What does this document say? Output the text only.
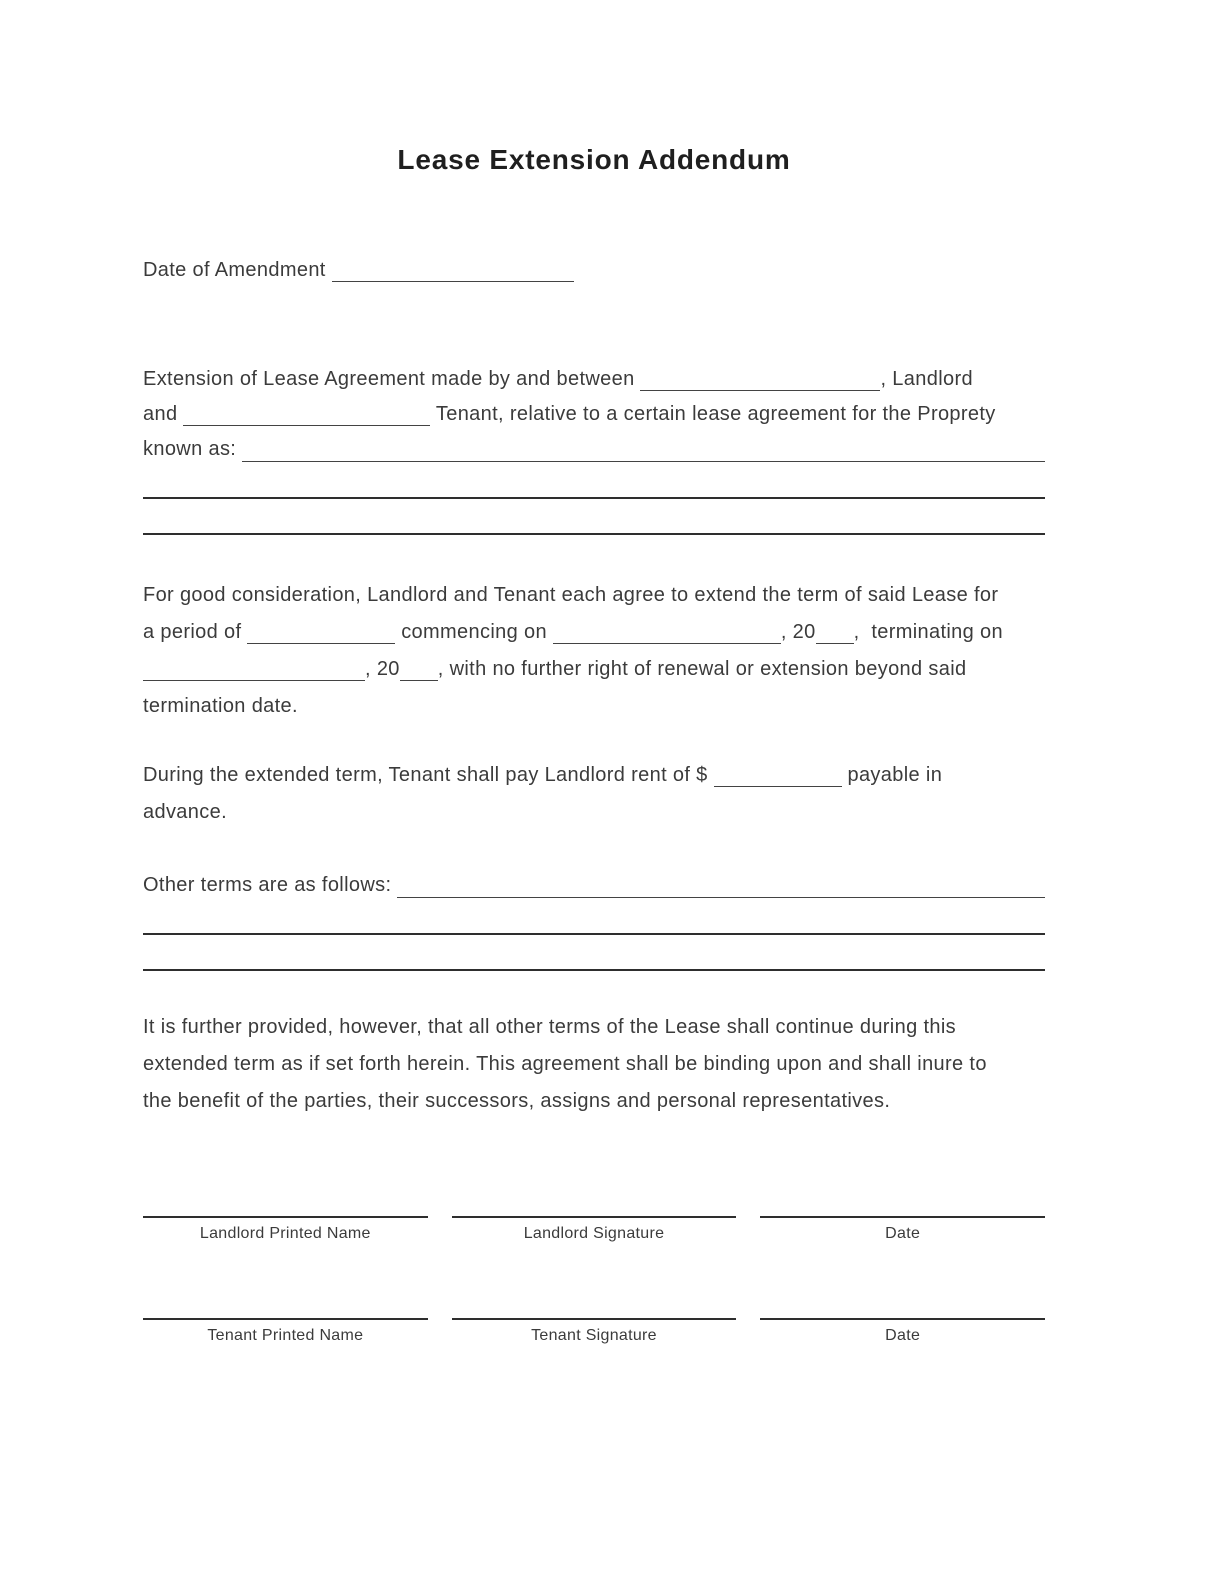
Lease Extension Addendum
Date of Amendment
Extension of Lease Agreement made by and between	, Landlord
and	Tenant, relative to a certain lease agreement for the Proprety
known as:
For good consideration, Landlord and Tenant each agree to extend the term of said Lease for
a period of	commencing on	, 20 ,  terminating on
, 20 , with no further right of renewal or extension beyond said
termination date.
During the extended term, Tenant shall pay Landlord rent of $	payable in
advance.
Other terms are as follows:
It is further provided, however, that all other terms of the Lease shall continue during this
extended term as if set forth herein. This agreement shall be binding upon and shall inure to
the benefit of the parties, their successors, assigns and personal representatives.
Landlord Printed Name	Landlord Signature	Date
Tenant Printed Name	Tenant Signature	Date
